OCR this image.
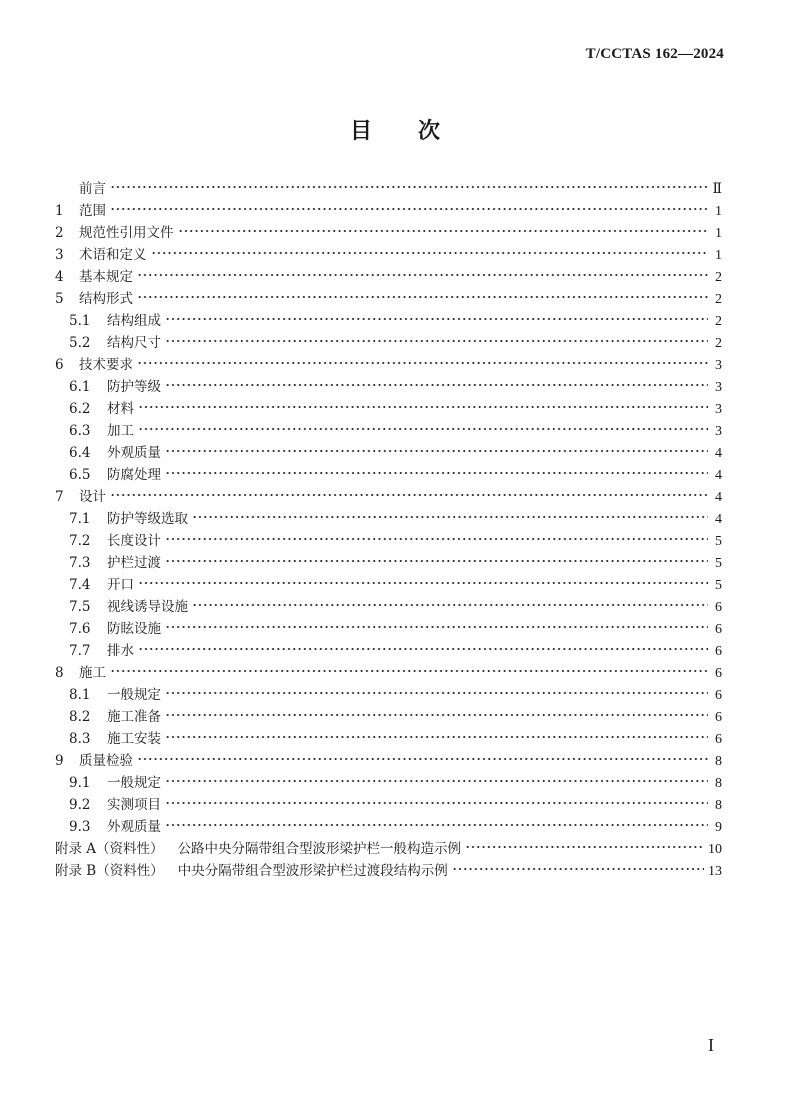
T/CCTAS 162—2024
目 次
前言	Ⅱ
1	范围	1
2	规范性引用文件	1
3	术语和定义	1
4	基本规定	2
5	结构形式	2
5.1	结构组成	2
5.2	结构尺寸	2
6	技术要求	3
6.1	防护等级	3
6.2	材料	3
6.3	加工	3
6.4	外观质量	4
6.5	防腐处理	4
7	设计	4
7.1	防护等级选取	4
7.2	长度设计	5
7.3	护栏过渡	5
7.4	开口	5
7.5	视线诱导设施	6
7.6	防眩设施	6
7.7	排水	6
8	施工	6
8.1	一般规定	6
8.2	施工准备	6
8.3	施工安装	6
9	质量检验	8
9.1	一般规定	8
9.2	实测项目	8
9.3	外观质量	9
附录 A（资料性） 公路中央分隔带组合型波形梁护栏一般构造示例	10
附录 B（资料性） 中央分隔带组合型波形梁护栏过渡段结构示例	13
I
